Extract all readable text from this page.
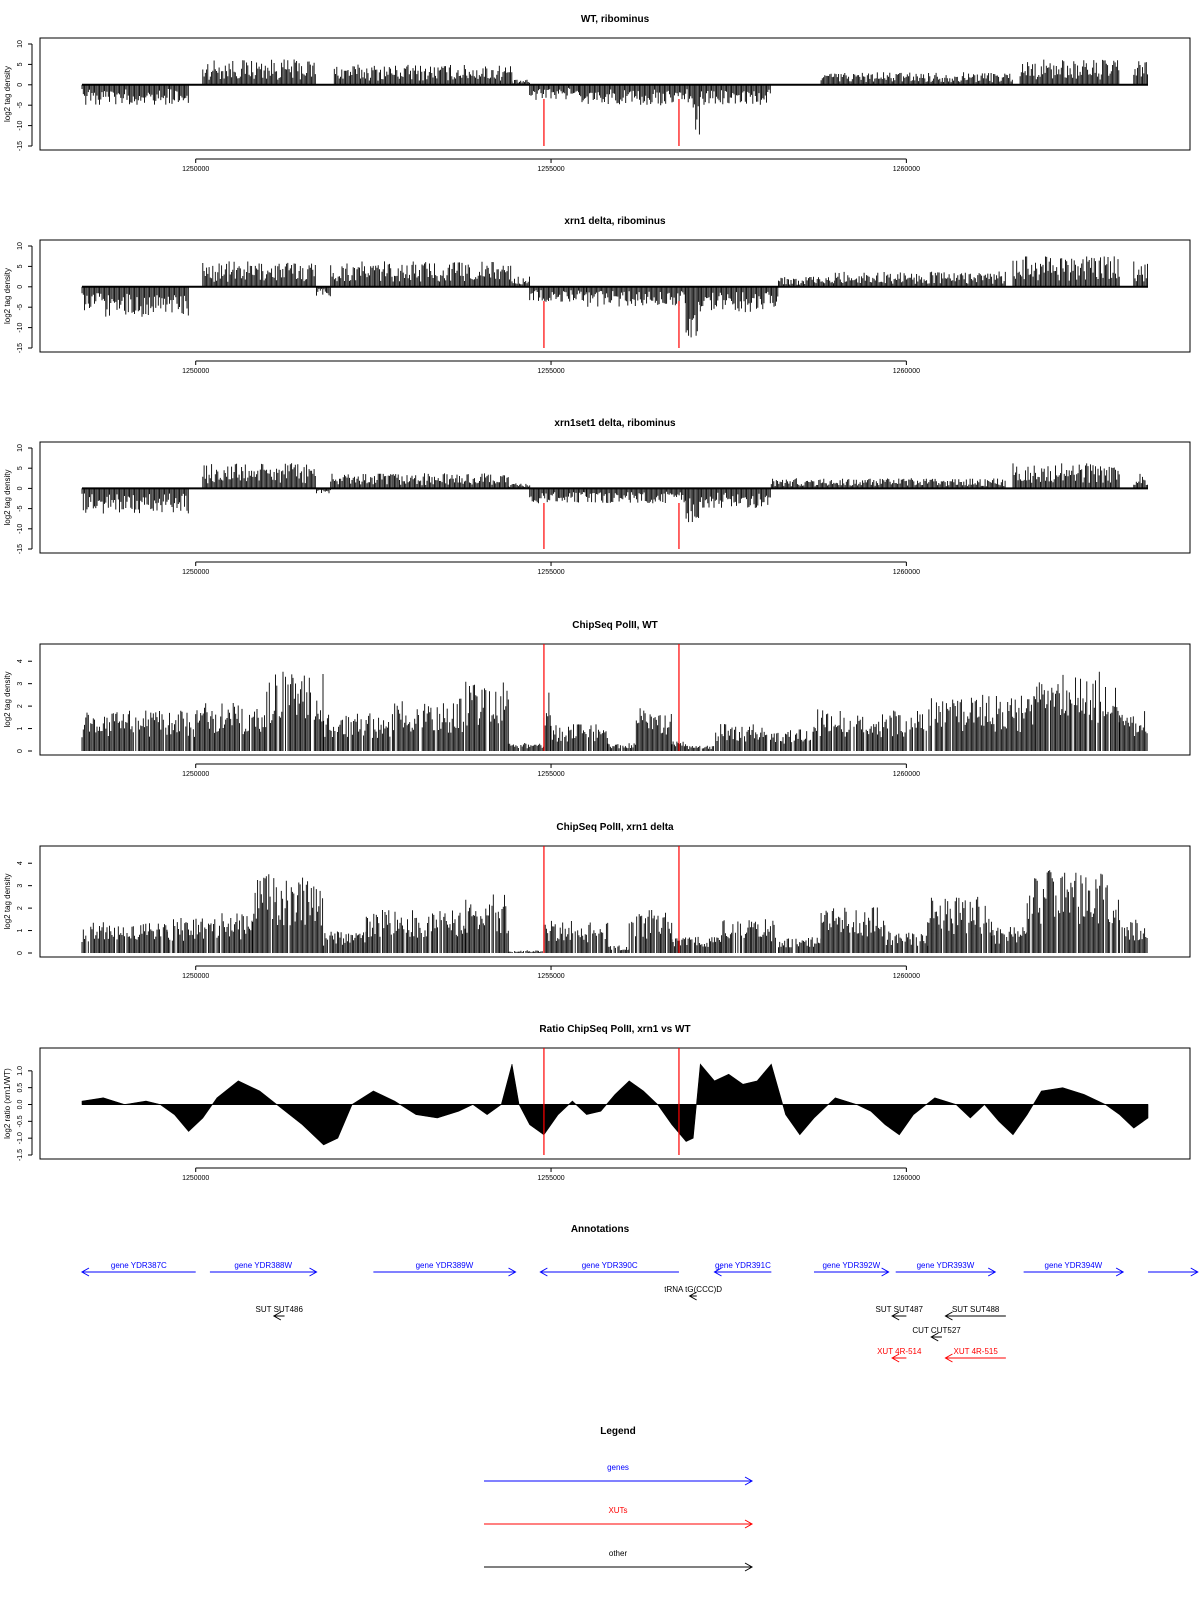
WT, ribominus
10
5
0
-5
-10
-15
log2 tag density
1250000	1255000	1260000
xrn1 delta, ribominus
10
5
0
-5
-10
-15
log2 tag density
1250000	1255000	1260000
xrn1set1 delta, ribominus
10
5
0
-5
-10
-15
log2 tag density
1250000	1255000	1260000
ChipSeq PolII, WT
0
1
2
3
4
log2 tag density
1250000	1255000	1260000
ChipSeq PolII, xrn1 delta
0
1
2
3
4
log2 tag density
1250000	1255000	1260000
Ratio ChipSeq PolII, xrn1 vs WT
1.0
0.5
0.0
-0.5
-1.0
-1.5
log2 ratio (xrn1/WT)
1250000	1255000	1260000
Annotations
gene YDR387C	gene YDR388W	gene YDR389W	gene YDR390C	gene YDR391C	gene YDR392W	gene YDR393W	gene YDR394W
tRNA tG(CCC)D
SUT SUT486	SUT SUT487	SUT SUT488
CUT CUT527
XUT 4R-514	XUT 4R-515
Legend
genes
XUTs
other
